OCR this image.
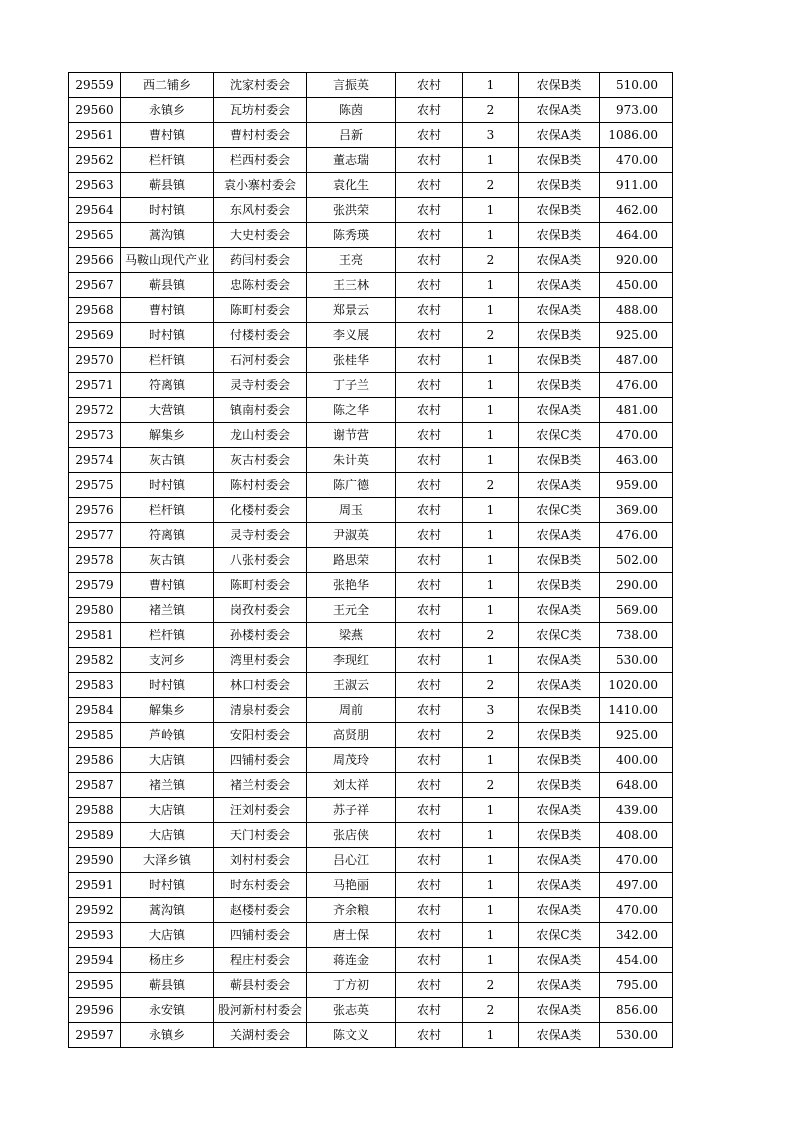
29559	西二铺乡	沈家村委会	言振英	农村	1	农保B类	510.00
29560	永镇乡	瓦坊村委会	陈茵	农村	2	农保A类	973.00
29561	曹村镇	曹村村委会	吕新	农村	3	农保A类	1086.00
29562	栏杆镇	栏西村委会	董志瑞	农村	1	农保B类	470.00
29563	蕲县镇	袁小寨村委会	袁化生	农村	2	农保B类	911.00
29564	时村镇	东风村委会	张洪荣	农村	1	农保B类	462.00
29565	蒿沟镇	大史村委会	陈秀瑛	农村	1	农保B类	464.00
29566	马鞍山现代产业	药闫村委会	王亮	农村	2	农保A类	920.00
29567	蕲县镇	忠陈村委会	王三林	农村	1	农保A类	450.00
29568	曹村镇	陈町村委会	郑景云	农村	1	农保A类	488.00
29569	时村镇	付楼村委会	李义展	农村	2	农保B类	925.00
29570	栏杆镇	石河村委会	张桂华	农村	1	农保B类	487.00
29571	符离镇	灵寺村委会	丁子兰	农村	1	农保B类	476.00
29572	大营镇	镇南村委会	陈之华	农村	1	农保A类	481.00
29573	解集乡	龙山村委会	谢节营	农村	1	农保C类	470.00
29574	灰古镇	灰古村委会	朱计英	农村	1	农保B类	463.00
29575	时村镇	陈村村委会	陈广德	农村	2	农保A类	959.00
29576	栏杆镇	化楼村委会	周玉	农村	1	农保C类	369.00
29577	符离镇	灵寺村委会	尹淑英	农村	1	农保A类	476.00
29578	灰古镇	八张村委会	路思荣	农村	1	农保B类	502.00
29579	曹村镇	陈町村委会	张艳华	农村	1	农保B类	290.00
29580	褚兰镇	岗孜村委会	王元全	农村	1	农保A类	569.00
29581	栏杆镇	孙楼村委会	梁燕	农村	2	农保C类	738.00
29582	支河乡	湾里村委会	李现红	农村	1	农保A类	530.00
29583	时村镇	林口村委会	王淑云	农村	2	农保A类	1020.00
29584	解集乡	清泉村委会	周前	农村	3	农保B类	1410.00
29585	芦岭镇	安阳村委会	高贤朋	农村	2	农保B类	925.00
29586	大店镇	四铺村委会	周茂玲	农村	1	农保B类	400.00
29587	褚兰镇	褚兰村委会	刘太祥	农村	2	农保B类	648.00
29588	大店镇	汪刘村委会	苏子祥	农村	1	农保A类	439.00
29589	大店镇	天门村委会	张店侠	农村	1	农保B类	408.00
29590	大泽乡镇	刘村村委会	吕心江	农村	1	农保A类	470.00
29591	时村镇	时东村委会	马艳丽	农村	1	农保A类	497.00
29592	蒿沟镇	赵楼村委会	齐余粮	农村	1	农保A类	470.00
29593	大店镇	四铺村委会	唐士保	农村	1	农保C类	342.00
29594	杨庄乡	程庄村委会	蒋连金	农村	1	农保A类	454.00
29595	蕲县镇	蕲县村委会	丁方初	农村	2	农保A类	795.00
29596	永安镇	股河新村村委会	张志英	农村	2	农保A类	856.00
29597	永镇乡	关湖村委会	陈文义	农村	1	农保A类	530.00
